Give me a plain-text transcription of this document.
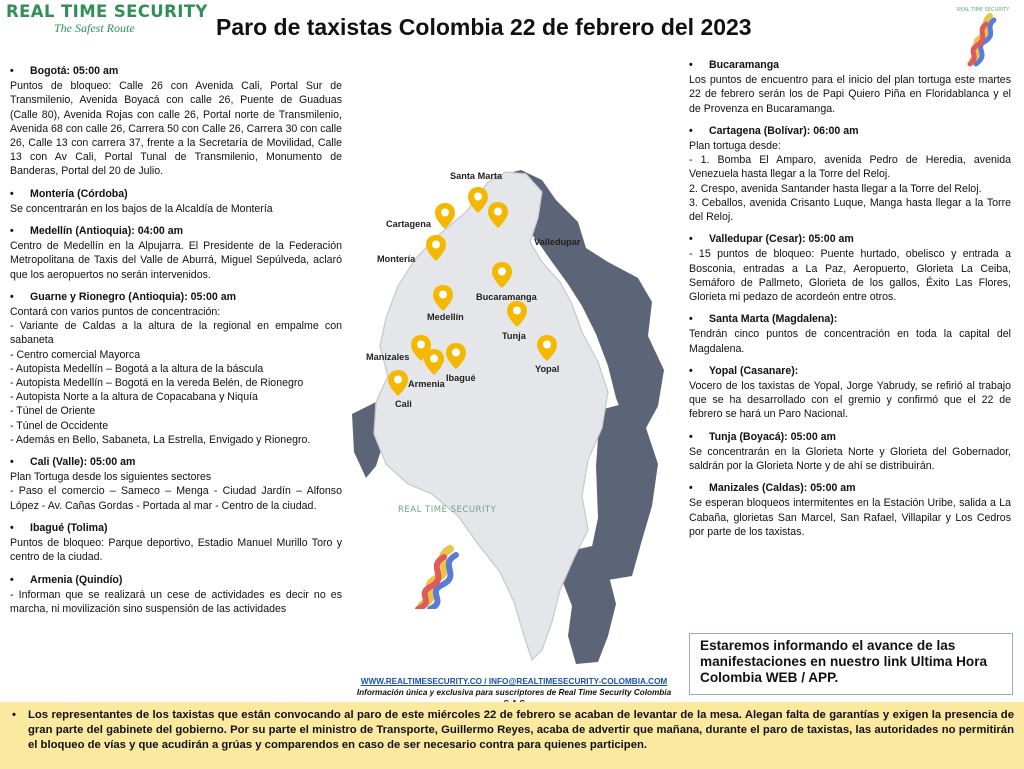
REAL TIME SECURITY
The Safest Route	Paro de taxistas Colombia 22 de febrero del 2023
REAL TIME SECURITY
•	Bogotá: 05:00 am
Puntos de bloqueo: Calle 26 con Avenida Cali, Portal Sur de Transmilenio, Avenida Boyacá con calle 26, Puente de Guaduas (Calle 80), Avenida Rojas con calle 26, Portal norte de Transmilenio, Avenida 68 con calle 26, Carrera 50 con Calle 26, Carrera 30 con calle 26, Calle 13 con carrera 37, frente a la Secretaría de Movilidad, Calle 13 con Av Cali, Portal Tunal de Transmilenio, Monumento de Banderas, Portal del 20 de Julio.
•	Montería (Córdoba)
Se concentrarán en los bajos de la Alcaldía de Montería
•	Medellín (Antioquia): 04:00 am
Centro de Medellín en la Alpujarra. El Presidente de la Federación Metropolitana de Taxis del Valle de Aburrá, Miguel Sepúlveda, aclaró que los aeropuertos no serán intervenidos.
•	Guarne y Rionegro (Antioquia): 05:00 am
Contará con varios puntos de concentración:
- Variante de Caldas a la altura de la regional en empalme con sabaneta
- Centro comercial Mayorca
- Autopista Medellín – Bogotá a la altura de la báscula
- Autopista Medellín – Bogotá en la vereda Belén, de Rionegro
- Autopista Norte a la altura de Copacabana y Niquía
- Túnel de Oriente
- Túnel de Occidente
- Además en Bello, Sabaneta, La Estrella, Envigado y Rionegro.
•	Cali (Valle): 05:00 am
Plan Tortuga desde los siguientes sectores
- Paso el comercio – Sameco – Menga - Ciudad Jardín – Alfonso López - Av. Cañas Gordas - Portada al mar - Centro de la ciudad.
•	Ibagué (Tolima)
Puntos de bloqueo: Parque deportivo, Estadio Manuel Murillo Toro y centro de la ciudad.
•	Armenia (Quindío)
- Informan que se realizará un cese de actividades es decir no es marcha, ni movilización sino suspensión de las actividades
Santa Marta
Cartagena
Valledupar
Montería
Bucaramanga
Medellín
Tunja
Manizales
Yopal
Ibagué
Armenia
Cali
REAL TIME SECURITY
WWW.REALTIMESECURITY.CO / INFO@REALTIMESECURITY-COLOMBIA.COM
Información única y exclusiva para suscriptores de Real Time Security Colombia
•	Bucaramanga
Los puntos de encuentro para el inicio del plan tortuga este martes 22 de febrero serán los de Papi Quiero Piña en Floridablanca y el de Provenza en Bucaramanga.
•	Cartagena (Bolívar): 06:00 am
Plan tortuga desde:
- 1. Bomba El Amparo, avenida Pedro de Heredia, avenida Venezuela hasta llegar a la Torre del Reloj.
2. Crespo, avenida Santander hasta llegar a la Torre del Reloj.
3. Ceballos, avenida Crisanto Luque, Manga hasta llegar a la Torre del Reloj.
•	Valledupar (Cesar): 05:00 am
- 15 puntos de bloqueo: Puente hurtado, obelisco y entrada a Bosconia, entradas a La Paz, Aeropuerto, Glorieta La Ceiba, Semáforo de Pallmeto, Glorieta de los gallos, Éxito Las Flores, Glorieta mi pedazo de acordeón entre otros.
•	Santa Marta (Magdalena):
Tendrán cinco puntos de concentración en toda la capital del Magdalena.
•	Yopal (Casanare):
Vocero de los taxistas de Yopal, Jorge Yabrudy, se refirió al trabajo que se ha desarrollado con el gremio y confirmó que el 22 de febrero se hará un Paro Nacional.
•	Tunja (Boyacá): 05:00 am
Se concentrarán en la Glorieta Norte y Glorieta del Gobernador, saldrán por la Glorieta Norte y de ahí se distribuirán.
•	Manizales (Caldas): 05:00 am
Se esperan bloqueos intermitentes en la Estación Uribe, salida a La Cabaña, glorietas San Marcel, San Rafael, Villapilar y Los Cedros por parte de los taxistas.
Estaremos informando el avance de las manifestaciones en nuestro link Ultima Hora Colombia WEB / APP.
•	Los representantes de los taxistas que están convocando al paro de este miércoles 22 de febrero se acaban de levantar de la mesa. Alegan falta de garantías y exigen la presencia de gran parte del gabinete del gobierno. Por su parte el ministro de Transporte, Guillermo Reyes, acaba de advertir que mañana, durante el paro de taxistas, las autoridades no permitirán el bloqueo de vías y que acudirán a grúas y comparendos en caso de ser necesario contra para quienes participen.
